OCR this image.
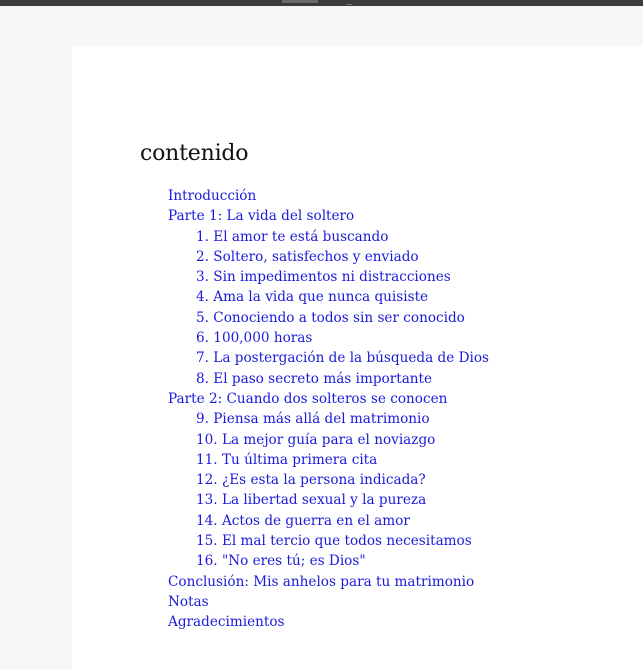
contenido
Introducción
Parte 1: La vida del soltero
1. El amor te está buscando
2. Soltero, satisfechos y enviado
3. Sin impedimentos ni distracciones
4. Ama la vida que nunca quisiste
5. Conociendo a todos sin ser conocido
6. 100,000 horas
7. La postergación de la búsqueda de Dios
8. El paso secreto más importante
Parte 2: Cuando dos solteros se conocen
9. Piensa más allá del matrimonio
10. La mejor guía para el noviazgo
11. Tu última primera cita
12. ¿Es esta la persona indicada?
13. La libertad sexual y la pureza
14. Actos de guerra en el amor
15. El mal tercio que todos necesitamos
16. "No eres tú; es Dios"
Conclusión: Mis anhelos para tu matrimonio
Notas
Agradecimientos
